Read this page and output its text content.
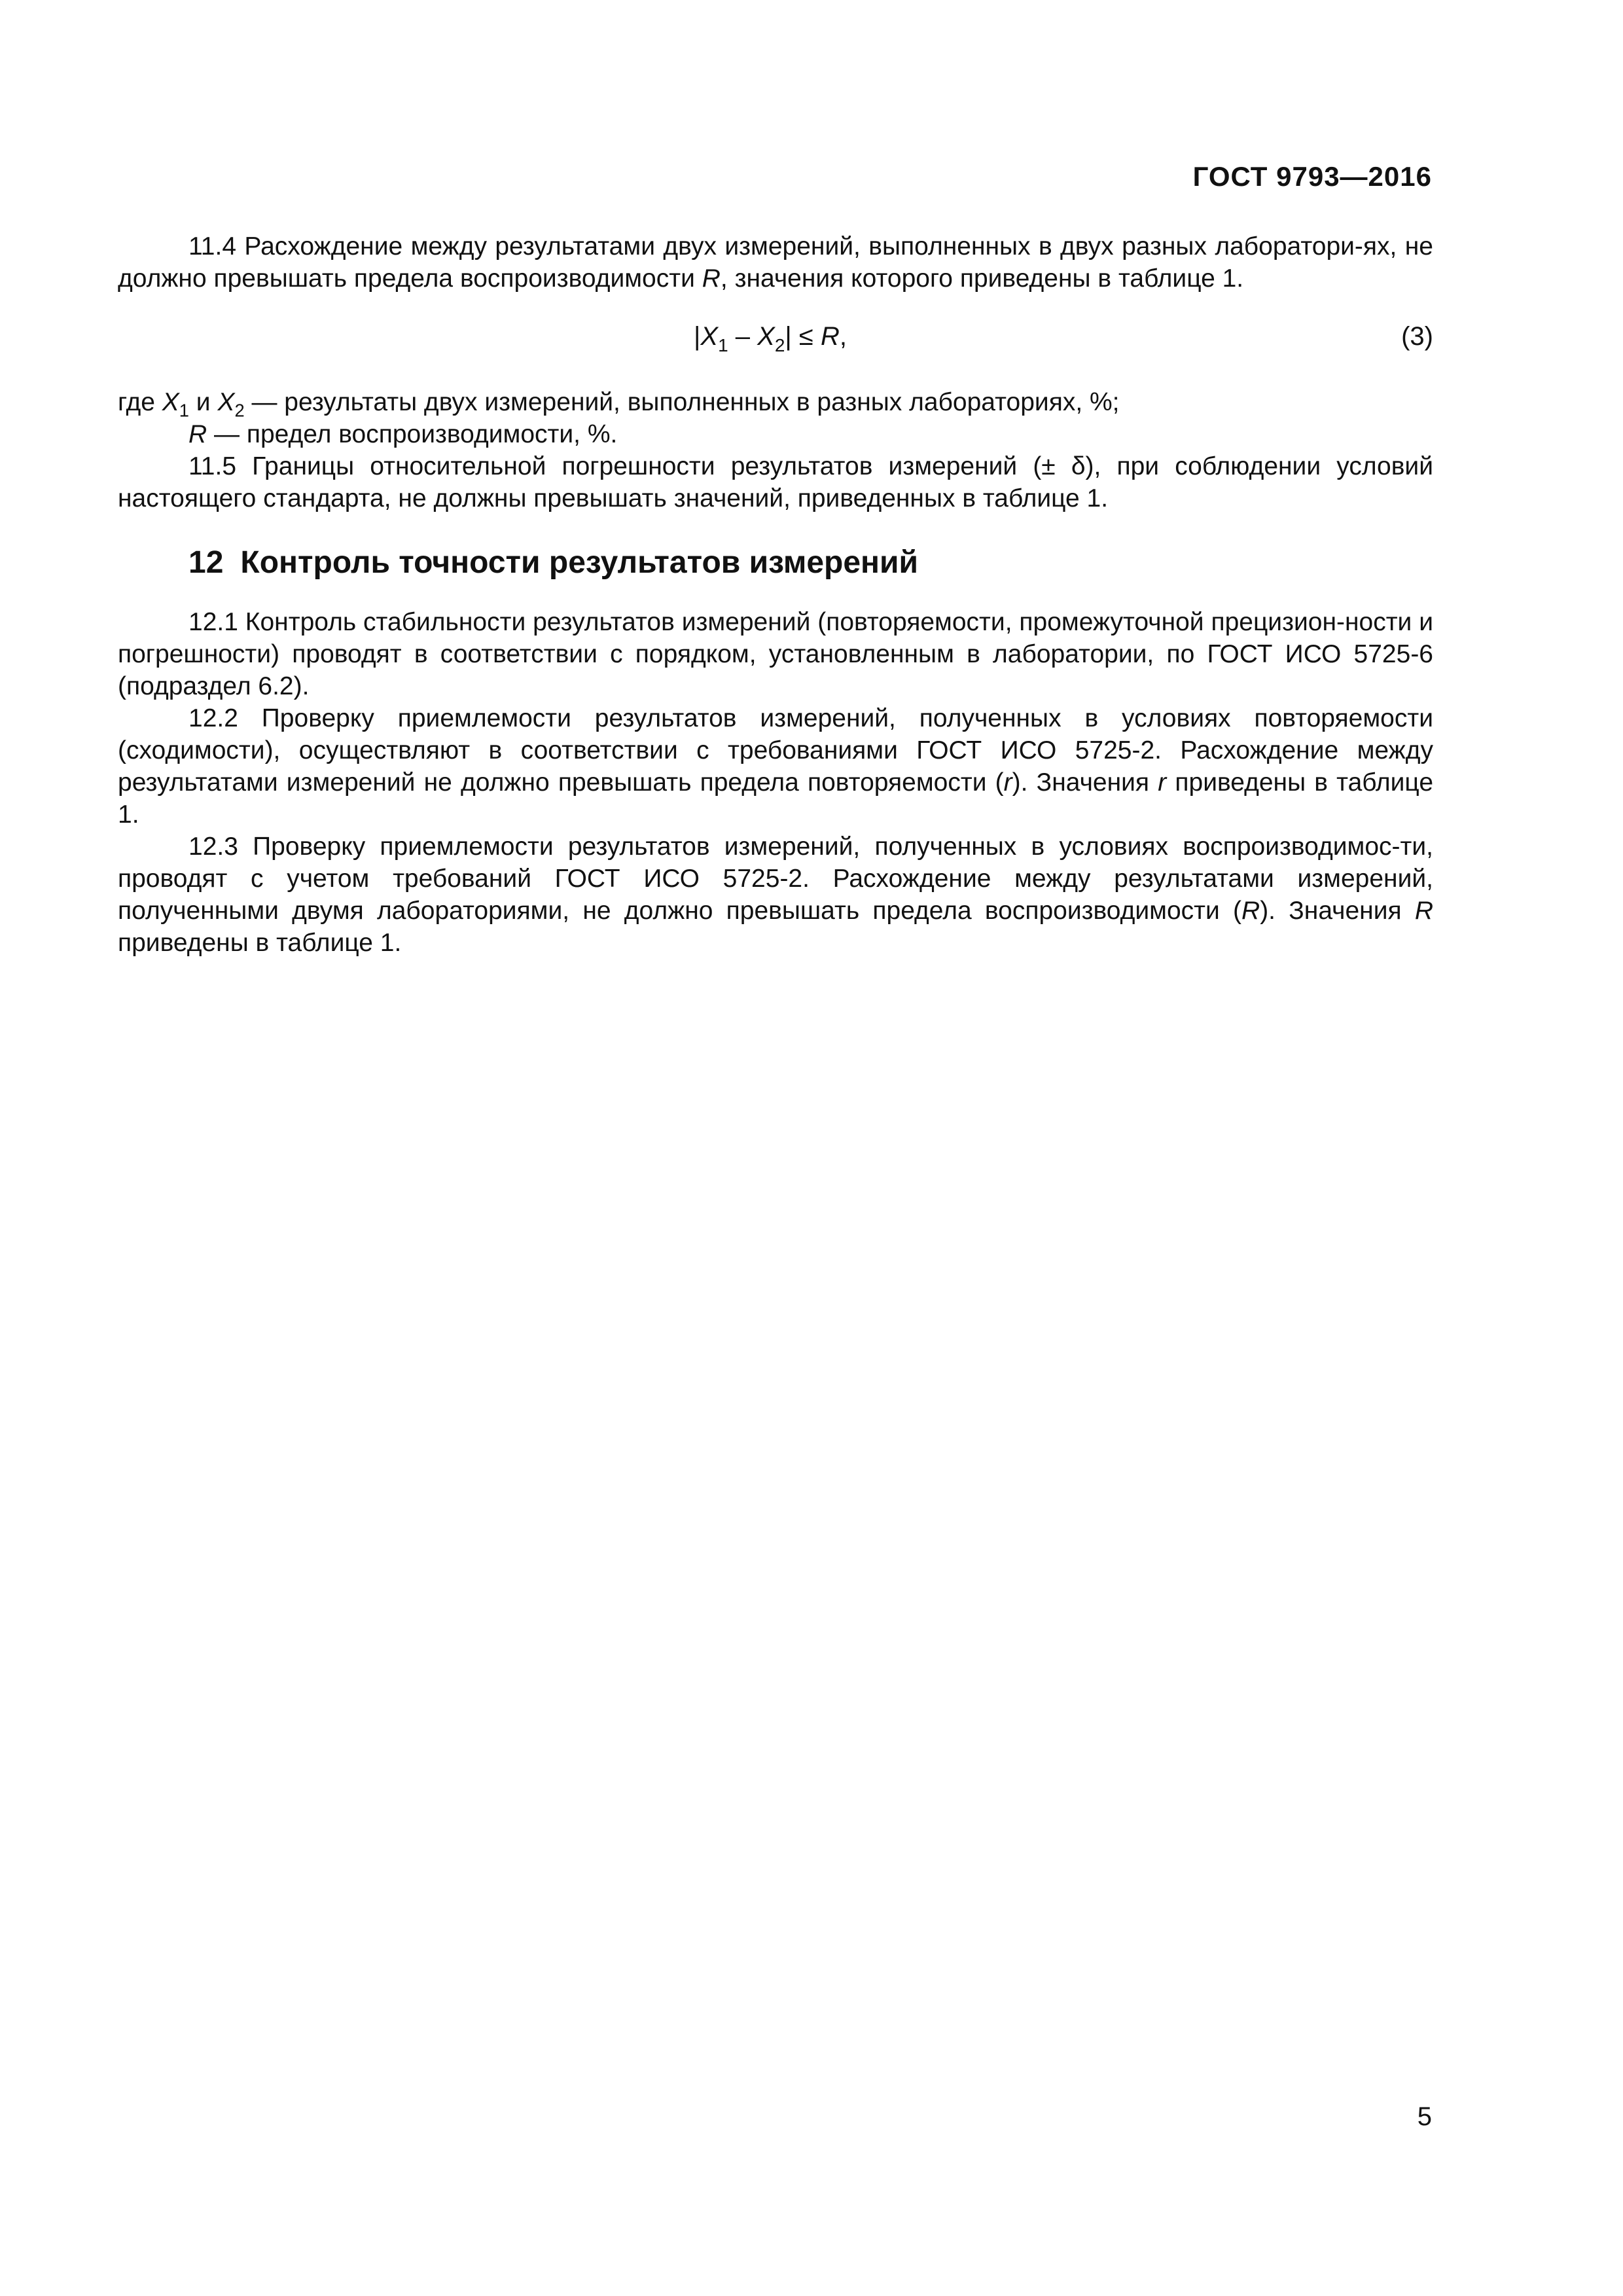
ГОСТ 9793—2016

11.4 Расхождение между результатами двух измерений, выполненных в двух разных лаборатори-ях, не должно превышать предела воспроизводимости R, значения которого приведены в таблице 1.

$|X_1 - X_2| \le R$,	(3)

где $X_1$ и $X_2$ — результаты двух измерений, выполненных в разных лабораториях, %;

R — предел воспроизводимости, %.

11.5 Границы относительной погрешности результатов измерений (± δ), при соблюдении условий настоящего стандарта, не должны превышать значений, приведенных в таблице 1.

12 Контроль точности результатов измерений

12.1 Контроль стабильности результатов измерений (повторяемости, промежуточной прецизион-ности и погрешности) проводят в соответствии с порядком, установленным в лаборатории, по ГОСТ ИСО 5725-6 (подраздел 6.2).

12.2 Проверку приемлемости результатов измерений, полученных в условиях повторяемости (сходимости), осуществляют в соответствии с требованиями ГОСТ ИСО 5725-2. Расхождение между результатами измерений не должно превышать предела повторяемости (r). Значения r приведены в таблице 1.

12.3 Проверку приемлемости результатов измерений, полученных в условиях воспроизводимос-ти, проводят с учетом требований ГОСТ ИСО 5725-2. Расхождение между результатами измерений, полученными двумя лабораториями, не должно превышать предела воспроизводимости (R). Значения R приведены в таблице 1.

5
